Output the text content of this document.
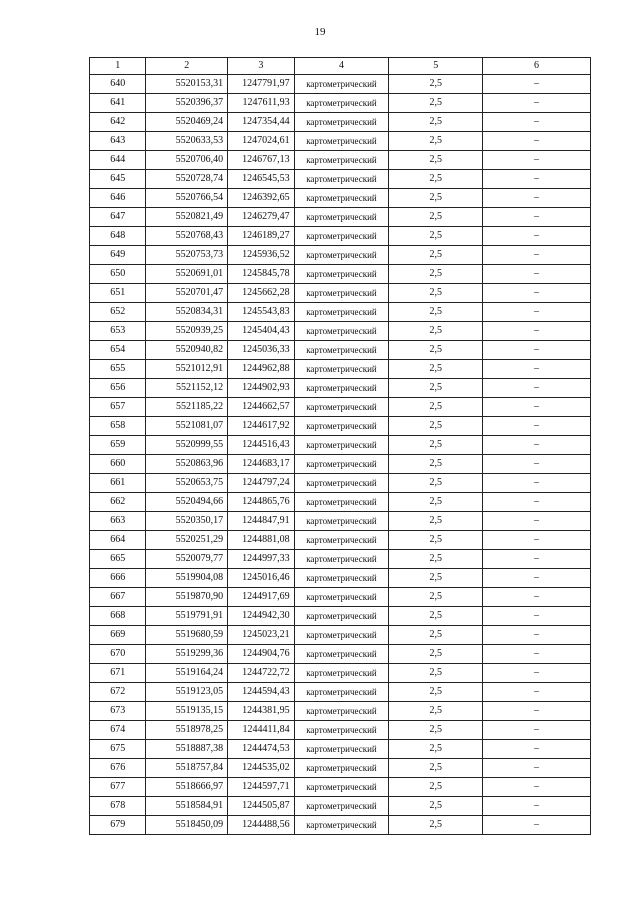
19
1	2	3	4	5	6
640	5520153,31	1247791,97	картометрический	2,5	–
641	5520396,37	1247611,93	картометрический	2,5	–
642	5520469,24	1247354,44	картометрический	2,5	–
643	5520633,53	1247024,61	картометрический	2,5	–
644	5520706,40	1246767,13	картометрический	2,5	–
645	5520728,74	1246545,53	картометрический	2,5	–
646	5520766,54	1246392,65	картометрический	2,5	–
647	5520821,49	1246279,47	картометрический	2,5	–
648	5520768,43	1246189,27	картометрический	2,5	–
649	5520753,73	1245936,52	картометрический	2,5	–
650	5520691,01	1245845,78	картометрический	2,5	–
651	5520701,47	1245662,28	картометрический	2,5	–
652	5520834,31	1245543,83	картометрический	2,5	–
653	5520939,25	1245404,43	картометрический	2,5	–
654	5520940,82	1245036,33	картометрический	2,5	–
655	5521012,91	1244962,88	картометрический	2,5	–
656	5521152,12	1244902,93	картометрический	2,5	–
657	5521185,22	1244662,57	картометрический	2,5	–
658	5521081,07	1244617,92	картометрический	2,5	–
659	5520999,55	1244516,43	картометрический	2,5	–
660	5520863,96	1244683,17	картометрический	2,5	–
661	5520653,75	1244797,24	картометрический	2,5	–
662	5520494,66	1244865,76	картометрический	2,5	–
663	5520350,17	1244847,91	картометрический	2,5	–
664	5520251,29	1244881,08	картометрический	2,5	–
665	5520079,77	1244997,33	картометрический	2,5	–
666	5519904,08	1245016,46	картометрический	2,5	–
667	5519870,90	1244917,69	картометрический	2,5	–
668	5519791,91	1244942,30	картометрический	2,5	–
669	5519680,59	1245023,21	картометрический	2,5	–
670	5519299,36	1244904,76	картометрический	2,5	–
671	5519164,24	1244722,72	картометрический	2,5	–
672	5519123,05	1244594,43	картометрический	2,5	–
673	5519135,15	1244381,95	картометрический	2,5	–
674	5518978,25	1244411,84	картометрический	2,5	–
675	5518887,38	1244474,53	картометрический	2,5	–
676	5518757,84	1244535,02	картометрический	2,5	–
677	5518666,97	1244597,71	картометрический	2,5	–
678	5518584,91	1244505,87	картометрический	2,5	–
679	5518450,09	1244488,56	картометрический	2,5	–
